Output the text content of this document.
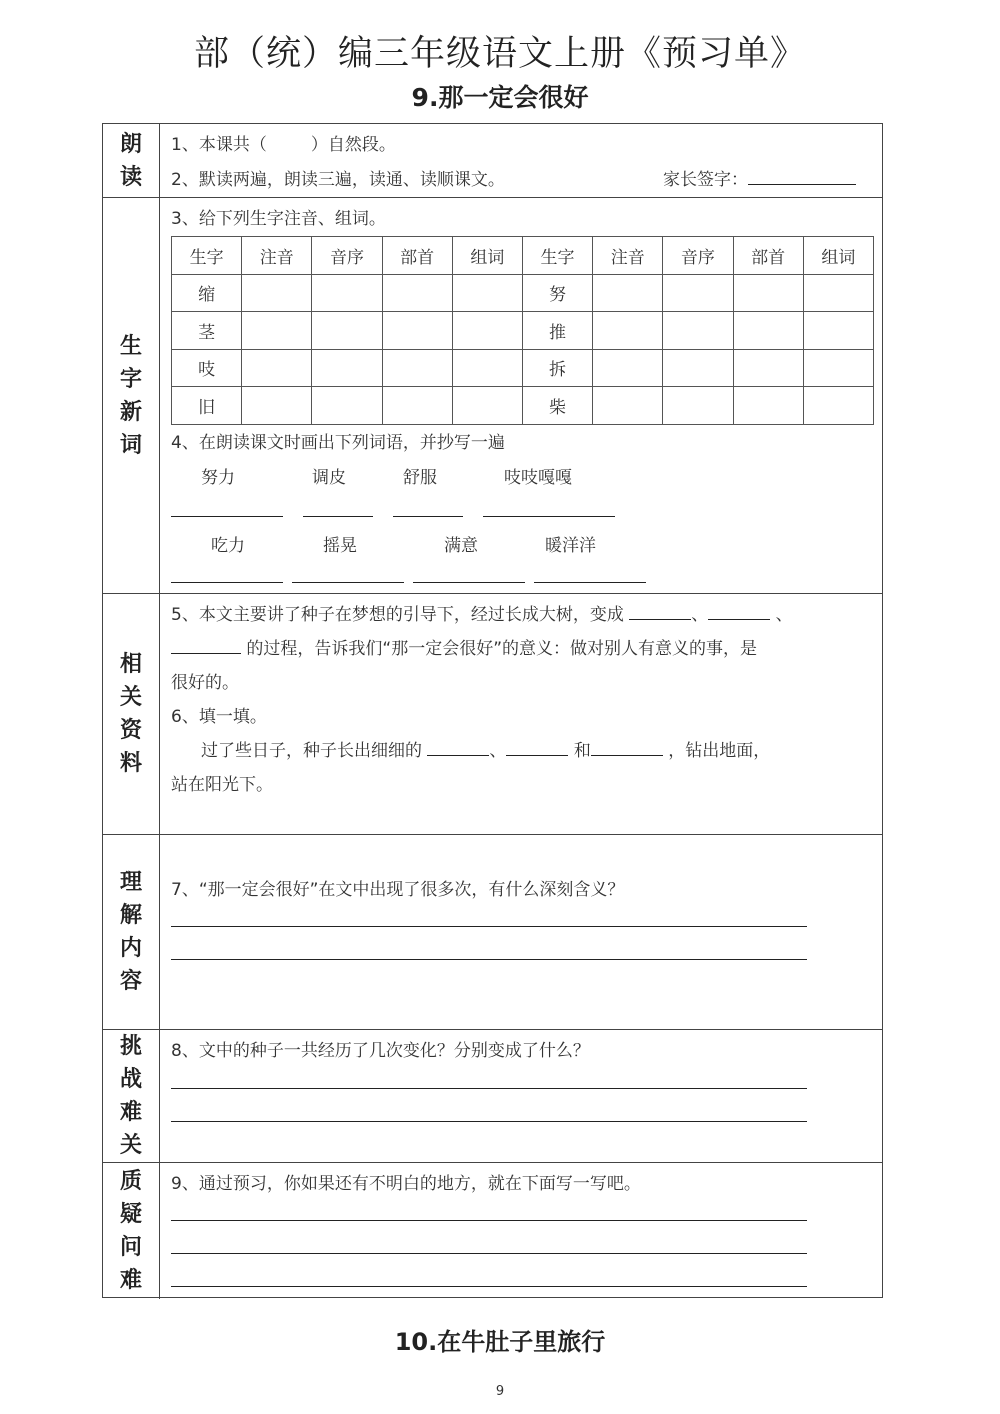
部（统）编三年级语文上册《预习单》
9.那一定会很好
朗
读
1、本课共（	）自然段。
2、默读两遍，朗读三遍，读通、读顺课文。	家长签字：
生
字
新
词
3、给下列生字注音、组词。
生字	注音	音序	部首	组词	生字	注音	音序	部首	组词
缩					努				
茎					推				
吱					拆				
旧					柴				
4、在朗读课文时画出下列词语，并抄写一遍
努力	调皮	舒服	吱吱嘎嘎
吃力	摇晃	满意	暖洋洋
相
关
资
料
5、本文主要讲了种子在梦想的引导下，经过长成大树，变成	、	、
的过程，告诉我们“那一定会很好”的意义：做对别人有意义的事，是
很好的。
6、填一填。
过了些日子，种子长出细细的	、	和	，钻出地面，
站在阳光下。
理
解
内
容
7、“那一定会很好”在文中出现了很多次，有什么深刻含义？
挑
战
难
关
8、文中的种子一共经历了几次变化？分别变成了什么？
质
疑
问
难
9、通过预习，你如果还有不明白的地方，就在下面写一写吧。
10.在牛肚子里旅行
9
